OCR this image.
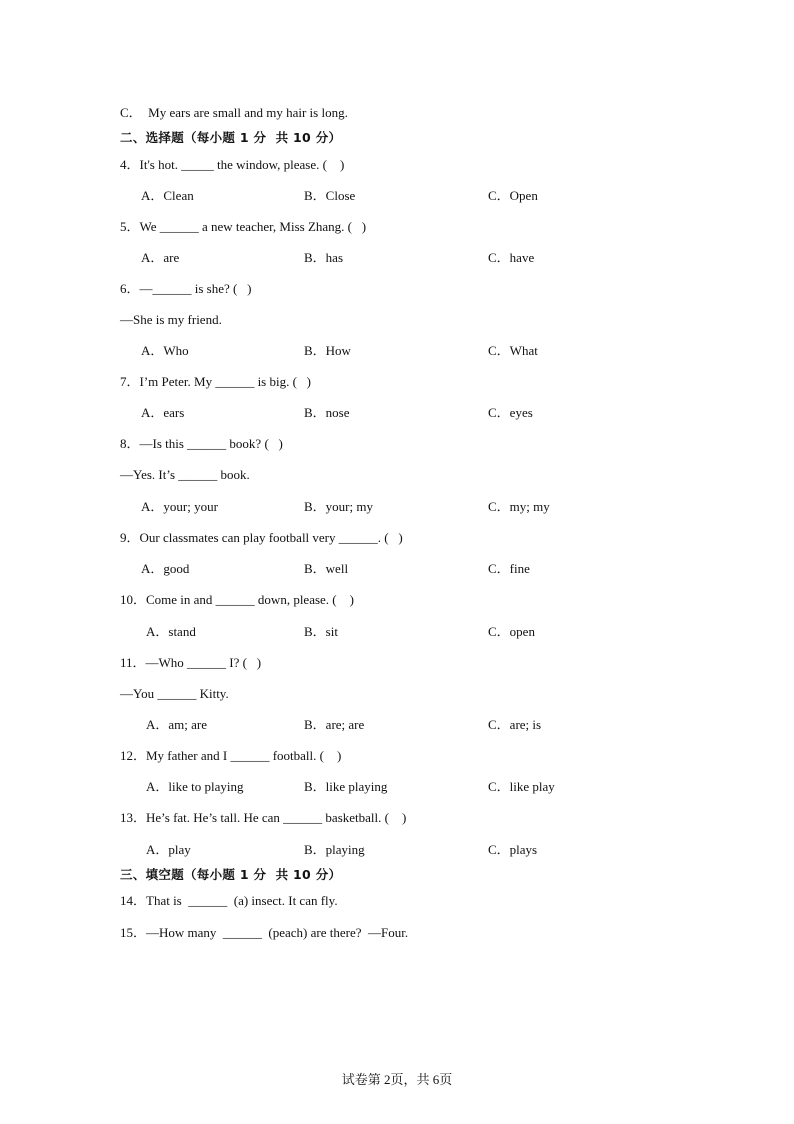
C．  My ears are small and my hair is long.
二、选择题（每小题 1 分  共 10 分）
4．It's hot. _____ the window, please. (    )
A．Clean	B．Close	C．Open
5．We ______ a new teacher, Miss Zhang. (   )
A．are	B．has	C．have
6．—______ is she? (   )
—She is my friend.
A．Who	B．How	C．What
7．I’m Peter. My ______ is big. (   )
A．ears	B．nose	C．eyes
8．—Is this ______ book? (   )
—Yes. It’s ______ book.
A．your; your	B．your; my	C．my; my
9．Our classmates can play football very ______. (   )
A．good	B．well	C．fine
10．Come in and ______ down, please. (    )
A．stand	B．sit	C．open
11．—Who ______ I? (   )
—You ______ Kitty.
A．am; are	B．are; are	C．are; is
12．My father and I ______ football. (    )
A．like to playing	B．like playing	C．like play
13．He’s fat. He’s tall. He can ______ basketball. (    )
A．play	B．playing	C．plays
三、填空题（每小题 1 分  共 10 分）
14．That is  ______  (a) insect. It can fly.
15．—How many  ______  (peach) are there?  —Four.
试卷第 2页，共 6页
